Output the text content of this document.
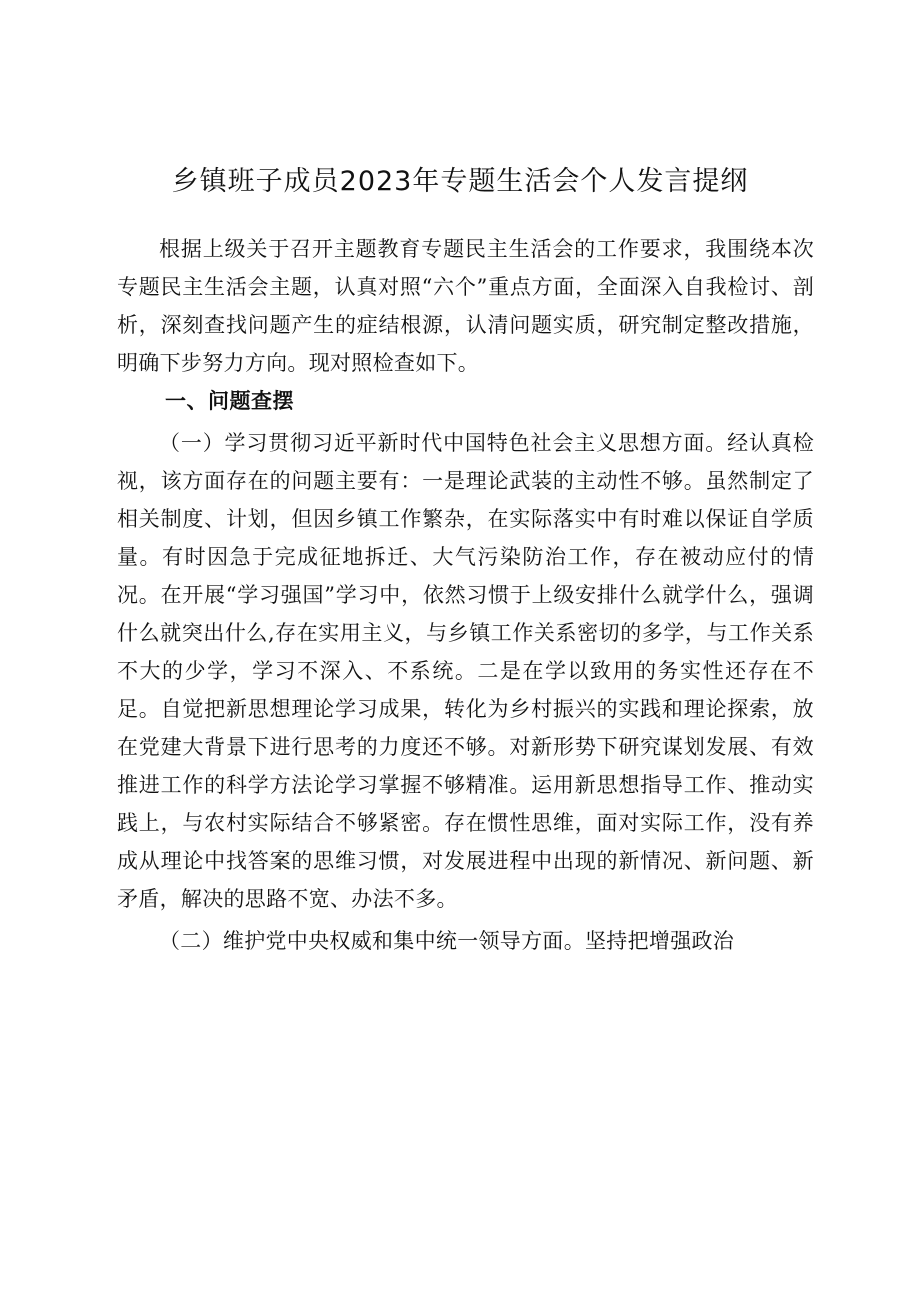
乡镇班子成员2023年专题生活会个人发言提纲

根据上级关于召开主题教育专题民主生活会的工作要求，我围绕本次专题民主生活会主题，认真对照“六个”重点方面，全面深入自我检讨、剖析，深刻查找问题产生的症结根源，认清问题实质，研究制定整改措施，明确下步努力方向。现对照检查如下。

一、问题查摆

（一）学习贯彻习近平新时代中国特色社会主义思想方面。经认真检视，该方面存在的问题主要有：一是理论武装的主动性不够。虽然制定了相关制度、计划，但因乡镇工作繁杂，在实际落实中有时难以保证自学质量。有时因急于完成征地拆迁、大气污染防治工作，存在被动应付的情况。在开展“学习强国”学习中，依然习惯于上级安排什么就学什么，强调什么就突出什么,存在实用主义，与乡镇工作关系密切的多学，与工作关系不大的少学，学习不深入、不系统。二是在学以致用的务实性还存在不足。自觉把新思想理论学习成果，转化为乡村振兴的实践和理论探索，放在党建大背景下进行思考的力度还不够。对新形势下研究谋划发展、有效推进工作的科学方法论学习掌握不够精准。运用新思想指导工作、推动实践上，与农村实际结合不够紧密。存在惯性思维，面对实际工作，没有养成从理论中找答案的思维习惯，对发展进程中出现的新情况、新问题、新矛盾，解决的思路不宽、办法不多。

（二）维护党中央权威和集中统一领导方面。坚持把增强政治
